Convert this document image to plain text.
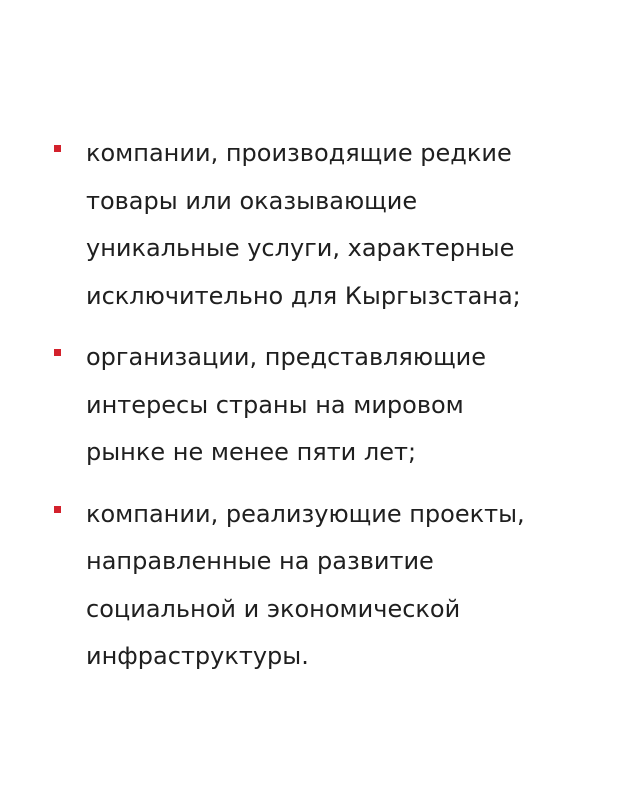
компании, производящие редкие
товары или оказывающие
уникальные услуги, характерные
исключительно для Кыргызстана;
организации, представляющие
интересы страны на мировом
рынке не менее пяти лет;
компании, реализующие проекты,
направленные на развитие
социальной и экономической
инфраструктуры.
